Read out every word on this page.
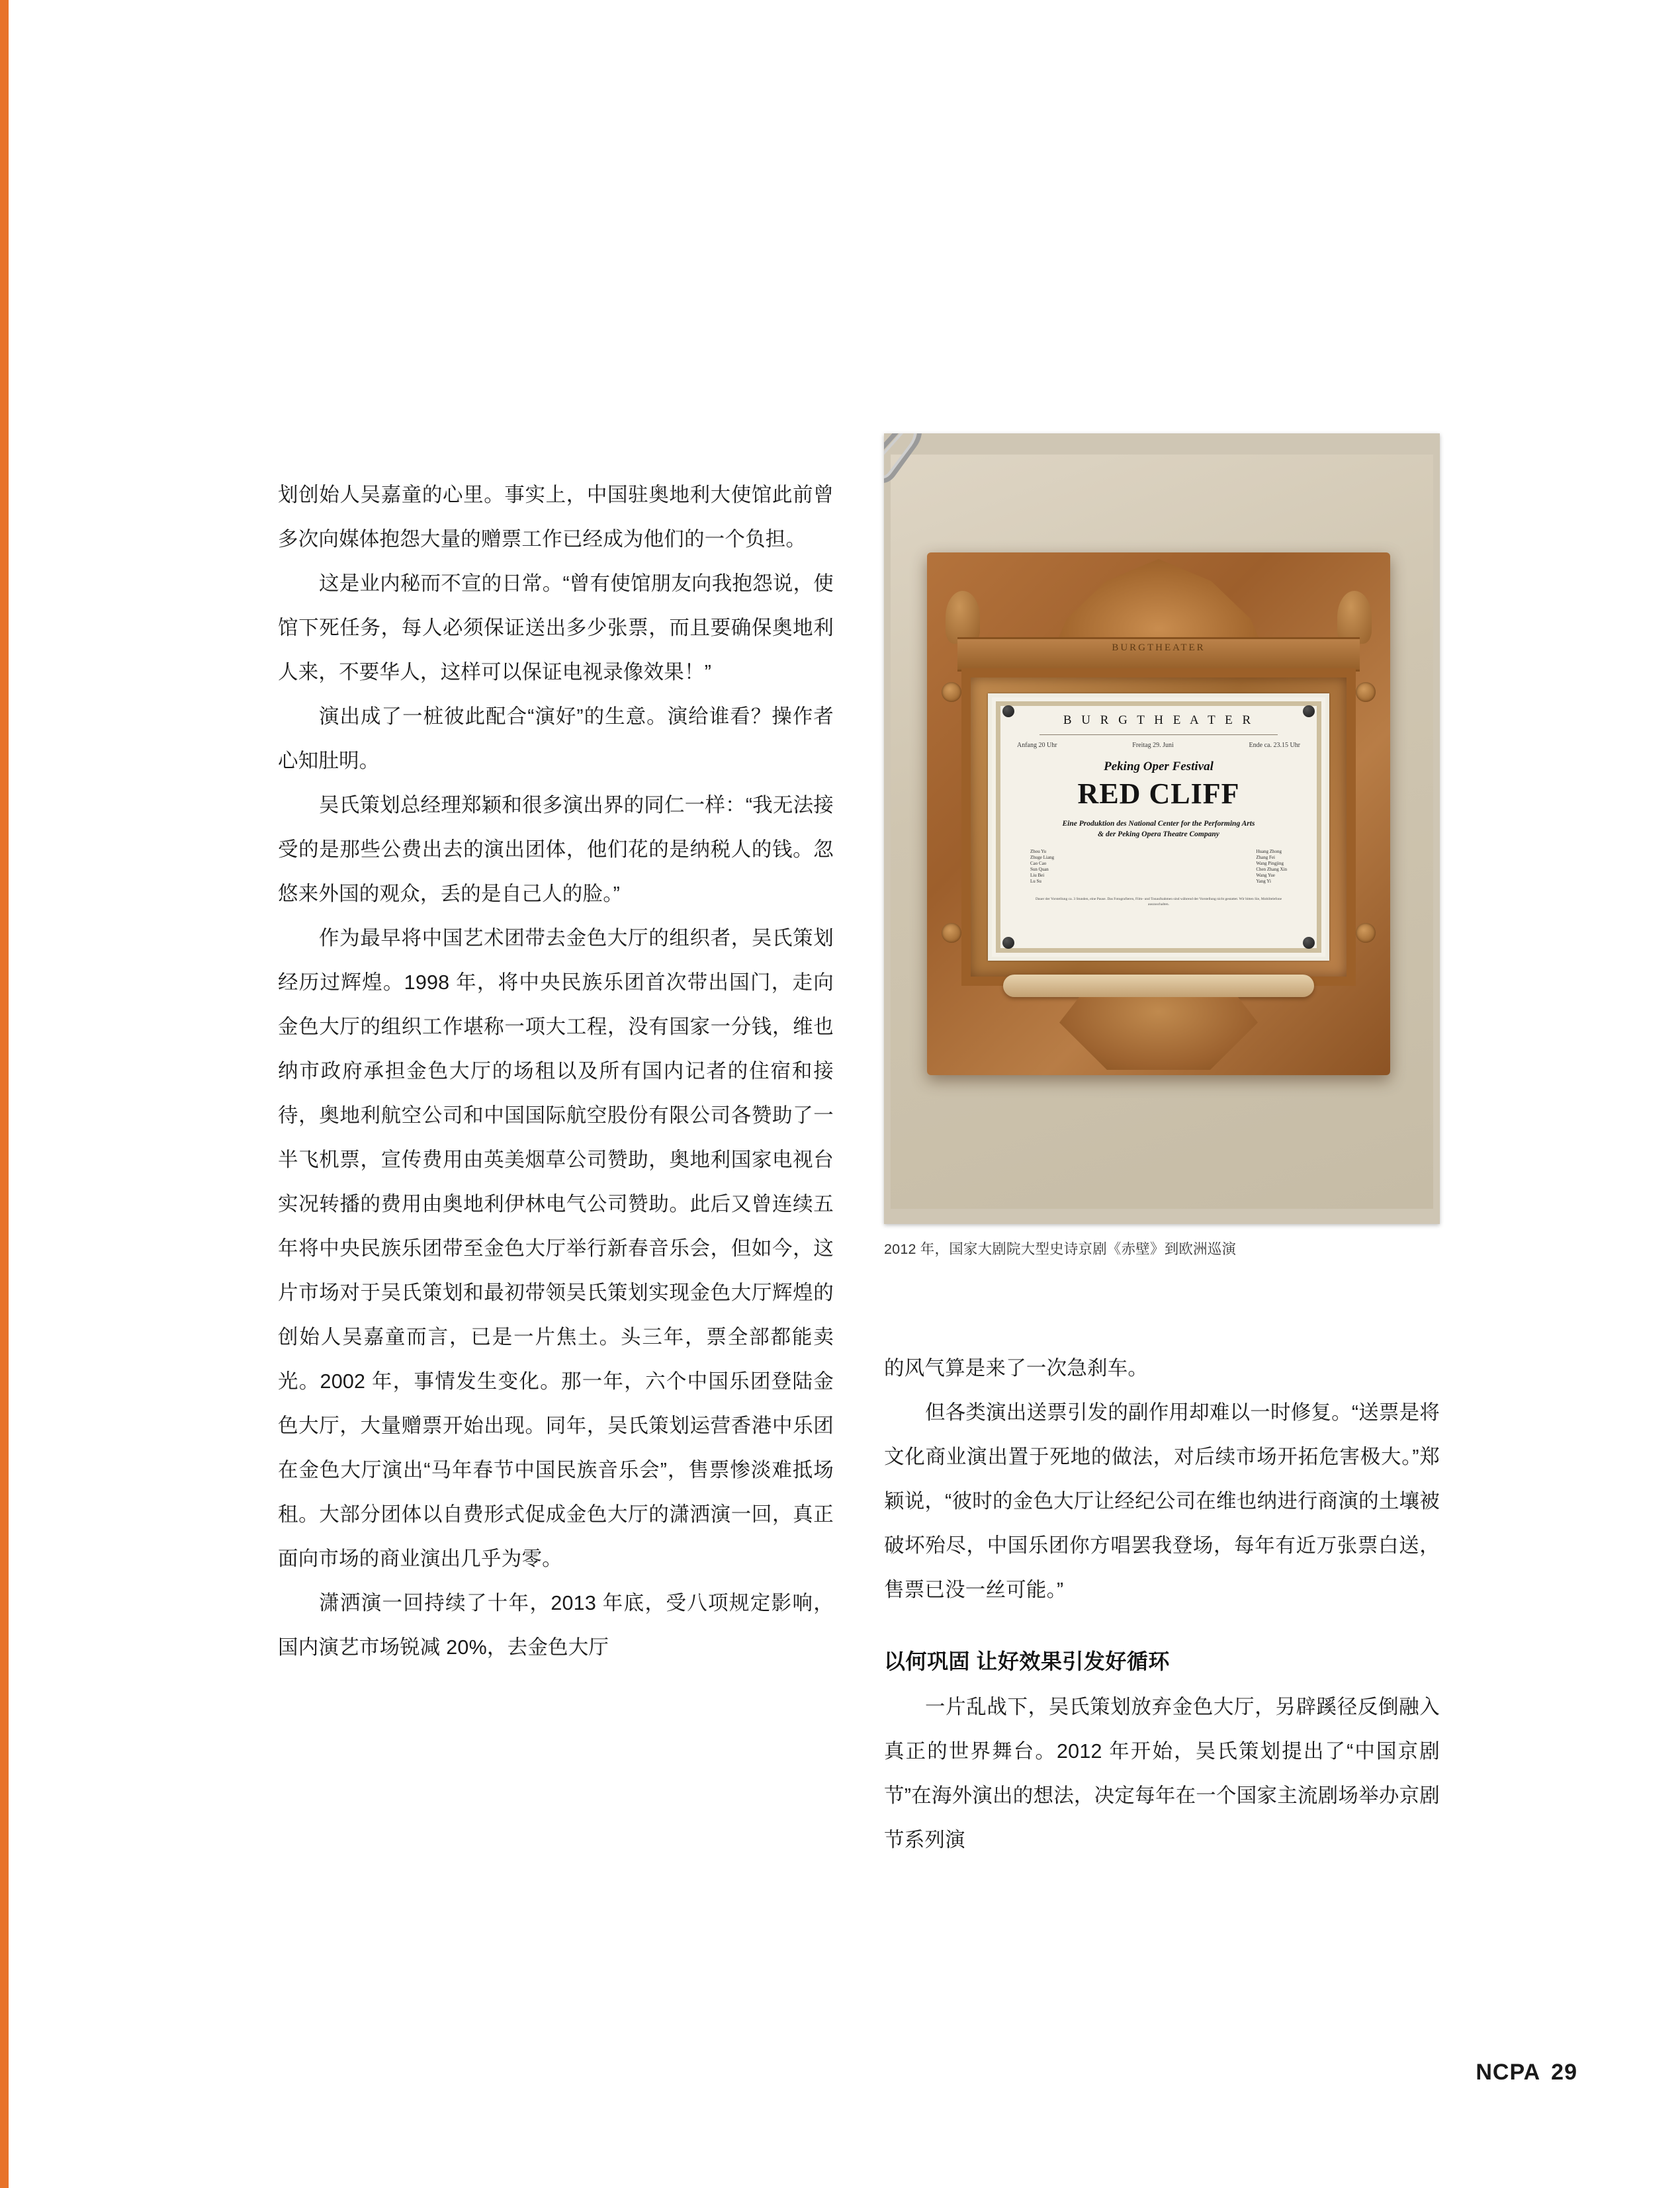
划创始人吴嘉童的心里。事实上，中国驻奥地利大使馆此前曾多次向媒体抱怨大量的赠票工作已经成为他们的一个负担。

这是业内秘而不宣的日常。“曾有使馆朋友向我抱怨说，使馆下死任务，每人必须保证送出多少张票，而且要确保奥地利人来，不要华人，这样可以保证电视录像效果！”

演出成了一桩彼此配合“演好”的生意。演给谁看？操作者心知肚明。

吴氏策划总经理郑颖和很多演出界的同仁一样：“我无法接受的是那些公费出去的演出团体，他们花的是纳税人的钱。忽悠来外国的观众，丢的是自己人的脸。”

作为最早将中国艺术团带去金色大厅的组织者，吴氏策划经历过辉煌。1998 年，将中央民族乐团首次带出国门，走向金色大厅的组织工作堪称一项大工程，没有国家一分钱，维也纳市政府承担金色大厅的场租以及所有国内记者的住宿和接待，奥地利航空公司和中国国际航空股份有限公司各赞助了一半飞机票，宣传费用由英美烟草公司赞助，奥地利国家电视台实况转播的费用由奥地利伊林电气公司赞助。此后又曾连续五年将中央民族乐团带至金色大厅举行新春音乐会，但如今，这片市场对于吴氏策划和最初带领吴氏策划实现金色大厅辉煌的创始人吴嘉童而言，已是一片焦土。头三年，票全部都能卖光。2002 年，事情发生变化。那一年，六个中国乐团登陆金色大厅，大量赠票开始出现。同年，吴氏策划运营香港中乐团在金色大厅演出“马年春节中国民族音乐会”，售票惨淡难抵场租。大部分团体以自费形式促成金色大厅的潇洒演一回，真正面向市场的商业演出几乎为零。

潇洒演一回持续了十年，2013 年底，受八项规定影响，国内演艺市场锐减 20%，去金色大厅

BURGTHEATER
B U R G T H E A T E R
Anfang 20 Uhr	Freitag 29. Juni	Ende ca. 23.15 Uhr
Peking Oper Festival
RED CLIFF
Eine Produktion des National Center for the Performing Arts
& der Peking Opera Theatre Company
Zhou Yu
Zhuge Liang
Cao Cao
Sun Quan
Liu Bei
Lu Su
Huang Zhong
Zhang Fei
Wang Pingjing
Chen Zhang Xin
Wang Yue
Yang Yi
Dauer der Vorstellung ca. 3 Stunden, eine Pause. Das Fotografieren, Film- und Tonaufnahmen sind während der Vorstellung nicht gestattet. Wir bitten Sie, Mobiltelefone auszuschalten.
2012 年，国家大剧院大型史诗京剧《赤壁》到欧洲巡演

的风气算是来了一次急刹车。

但各类演出送票引发的副作用却难以一时修复。“送票是将文化商业演出置于死地的做法，对后续市场开拓危害极大。”郑颖说，“彼时的金色大厅让经纪公司在维也纳进行商演的土壤被破坏殆尽，中国乐团你方唱罢我登场，每年有近万张票白送，售票已没一丝可能。”

以何巩固 让好效果引发好循环

一片乱战下，吴氏策划放弃金色大厅，另辟蹊径反倒融入真正的世界舞台。2012 年开始，吴氏策划提出了“中国京剧节”在海外演出的想法，决定每年在一个国家主流剧场举办京剧节系列演

NCPA 29
